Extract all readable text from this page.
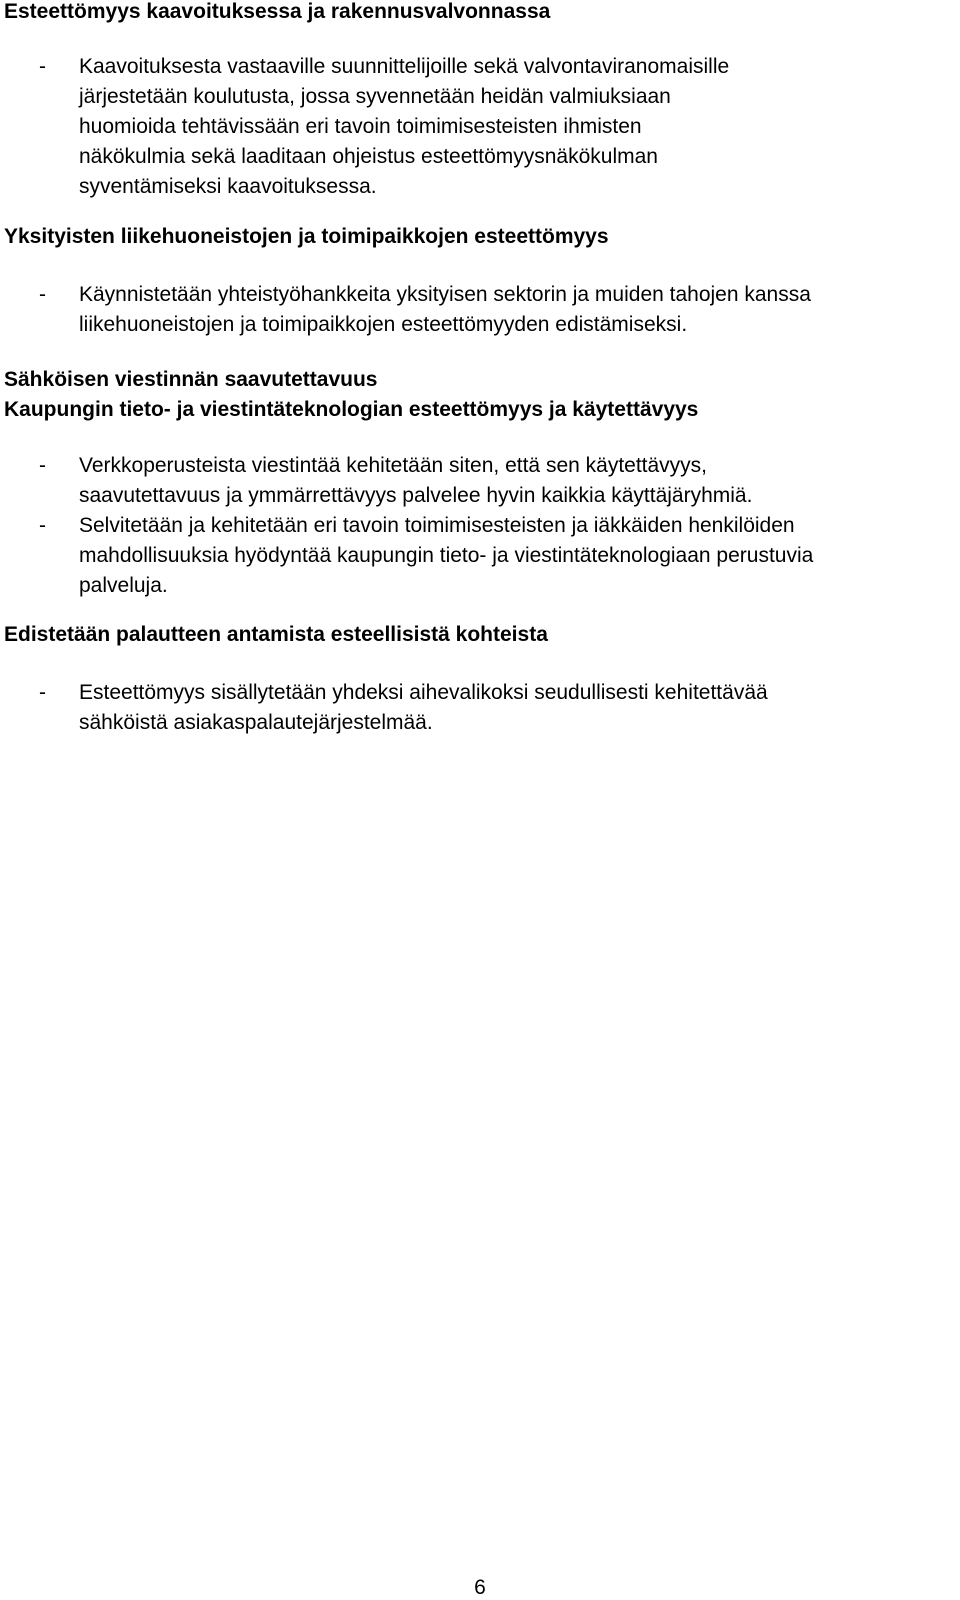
Esteettömyys kaavoituksessa ja rakennusvalvonnassa
- Kaavoituksesta vastaaville suunnittelijoille sekä valvontaviranomaisille
järjestetään koulutusta, jossa syvennetään heidän valmiuksiaan
huomioida tehtävissään eri tavoin toimimisesteisten ihmisten
näkökulmia sekä laaditaan ohjeistus esteettömyysnäkökulman
syventämiseksi kaavoituksessa.
Yksityisten liikehuoneistojen ja toimipaikkojen esteettömyys
- Käynnistetään yhteistyöhankkeita yksityisen sektorin ja muiden tahojen kanssa
liikehuoneistojen ja toimipaikkojen esteettömyyden edistämiseksi.
Sähköisen viestinnän saavutettavuus
Kaupungin tieto- ja viestintäteknologian esteettömyys ja käytettävyys
- Verkkoperusteista viestintää kehitetään siten, että sen käytettävyys,
saavutettavuus ja ymmärrettävyys palvelee hyvin kaikkia käyttäjäryhmiä.
- Selvitetään ja kehitetään eri tavoin toimimisesteisten ja iäkkäiden henkilöiden
mahdollisuuksia hyödyntää kaupungin tieto- ja viestintäteknologiaan perustuvia
palveluja.
Edistetään palautteen antamista esteellisistä kohteista
- Esteettömyys sisällytetään yhdeksi aihevalikoksi seudullisesti kehitettävää
sähköistä asiakaspalautejärjestelmää.
6
